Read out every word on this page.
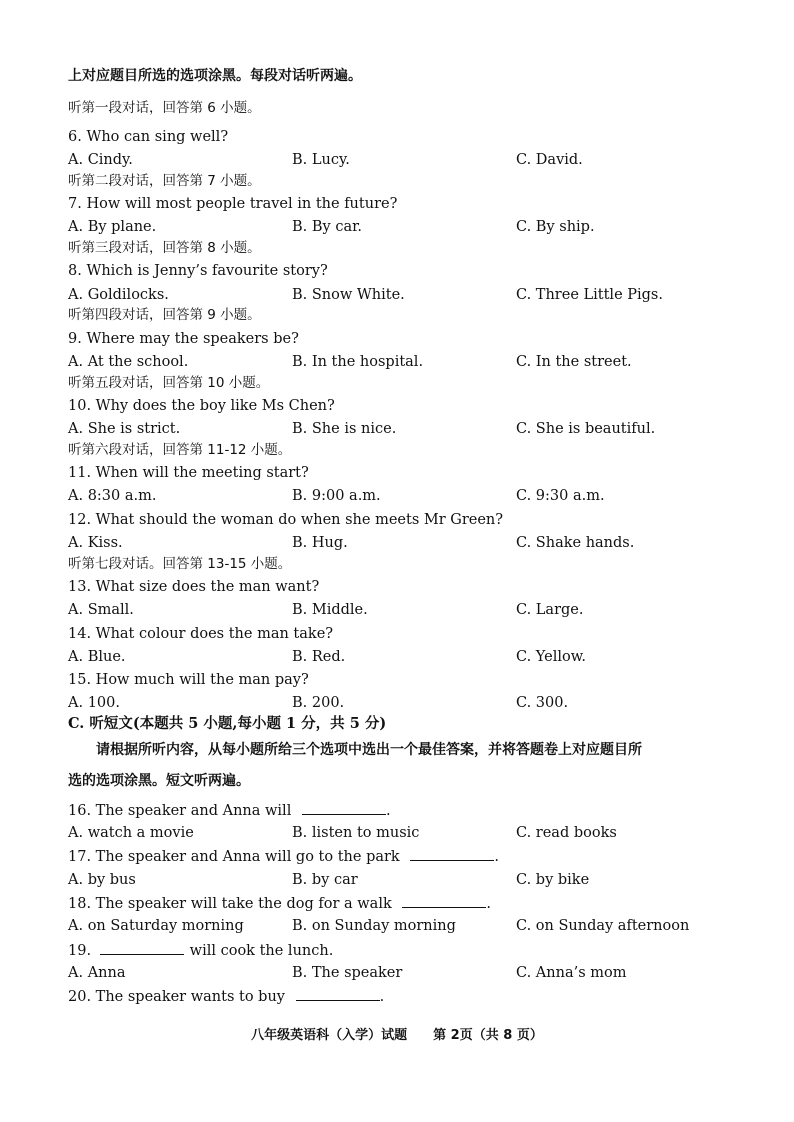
上对应题目所选的选项涂黑。每段对话听两遍。
听第一段对话，回答第 6 小题。
6. Who can sing well?
A. Cindy.	B. Lucy.	C. David.
听第二段对话，回答第 7 小题。
7. How will most people travel in the future?
A. By plane.	B. By car.	C. By ship.
听第三段对话，回答第 8 小题。
8. Which is Jenny’s favourite story?
A. Goldilocks.	B. Snow White.	C. Three Little Pigs.
听第四段对话，回答第 9 小题。
9. Where may the speakers be?
A. At the school.	B. In the hospital.	C. In the street.
听第五段对话，回答第 10 小题。
10. Why does the boy like Ms Chen?
A. She is strict.	B. She is nice.	C. She is beautiful.
听第六段对话，回答第 11-12 小题。
11. When will the meeting start?
A. 8:30 a.m.	B. 9:00 a.m.	C. 9:30 a.m.
12. What should the woman do when she meets Mr Green?
A. Kiss.	B. Hug.	C. Shake hands.
听第七段对话。回答第 13-15 小题。
13. What size does the man want?
A. Small.	B. Middle.	C. Large.
14. What colour does the man take?
A. Blue.	B. Red.	C. Yellow.
15. How much will the man pay?
A. 100.	B. 200.	C. 300.
C. 听短文(本题共 5 小题,每小题 1 分，共 5 分)
请根据所听内容，从每小题所给三个选项中选出一个最佳答案，并将答题卷上对应题目所
选的选项涂黑。短文听两遍。
16. The speaker and Anna will	.
A. watch a movie	B. listen to music	C. read books
17. The speaker and Anna will go to the park	.
A. by bus	B. by car	C. by bike
18. The speaker will take the dog for a walk	.
A. on Saturday morning	B. on Sunday morning	C. on Sunday afternoon
19.	will cook the lunch.
A. Anna	B. The speaker	C. Anna’s mom
20. The speaker wants to buy	.
八年级英语科（入学）试题　　第 2页（共 8 页）
